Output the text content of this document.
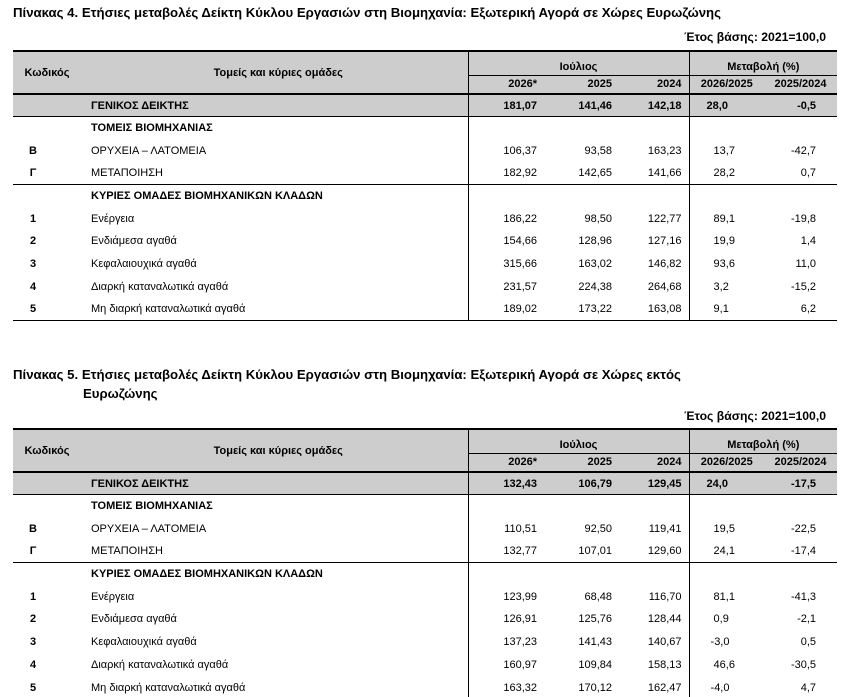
Πίνακας 4. Ετήσιες μεταβολές Δείκτη Κύκλου Εργασιών στη Βιομηχανία: Εξωτερική Αγορά σε Χώρες Ευρωζώνης
Έτος βάσης: 2021=100,0
Κωδικός	Τομείς και κύριες ομάδες	Ιούλιος			Μεταβολή (%)	
		2026*	2025	2024	2026/2025	2025/2024
	ΓΕΝΙΚΟΣ ΔΕΙΚΤΗΣ	181,07	141,46	142,18	28,0	-0,5
	ΤΟΜΕΙΣ ΒΙΟΜΗΧΑΝΙΑΣ					
Β	ΟΡΥΧΕΙΑ – ΛΑΤΟΜΕΙΑ	106,37	93,58	163,23	13,7	-42,7
Γ	ΜΕΤΑΠΟΙΗΣΗ	182,92	142,65	141,66	28,2	0,7
	ΚΥΡΙΕΣ ΟΜΑΔΕΣ ΒΙΟΜΗΧΑΝΙΚΩΝ ΚΛΑΔΩΝ					
1	Ενέργεια	186,22	98,50	122,77	89,1	-19,8
2	Ενδιάμεσα αγαθά	154,66	128,96	127,16	19,9	1,4
3	Κεφαλαιουχικά αγαθά	315,66	163,02	146,82	93,6	11,0
4	Διαρκή καταναλωτικά αγαθά	231,57	224,38	264,68	3,2	-15,2
5	Μη διαρκή καταναλωτικά αγαθά	189,02	173,22	163,08	9,1	6,2
Πίνακας 5. Ετήσιες μεταβολές Δείκτη Κύκλου Εργασιών στη Βιομηχανία: Εξωτερική Αγορά σε Χώρες εκτός
Ευρωζώνης
Έτος βάσης: 2021=100,0
Κωδικός	Τομείς και κύριες ομάδες	Ιούλιος			Μεταβολή (%)	
		2026*	2025	2024	2026/2025	2025/2024
	ΓΕΝΙΚΟΣ ΔΕΙΚΤΗΣ	132,43	106,79	129,45	24,0	-17,5
	ΤΟΜΕΙΣ ΒΙΟΜΗΧΑΝΙΑΣ					
Β	ΟΡΥΧΕΙΑ – ΛΑΤΟΜΕΙΑ	110,51	92,50	119,41	19,5	-22,5
Γ	ΜΕΤΑΠΟΙΗΣΗ	132,77	107,01	129,60	24,1	-17,4
	ΚΥΡΙΕΣ ΟΜΑΔΕΣ ΒΙΟΜΗΧΑΝΙΚΩΝ ΚΛΑΔΩΝ					
1	Ενέργεια	123,99	68,48	116,70	81,1	-41,3
2	Ενδιάμεσα αγαθά	126,91	125,76	128,44	0,9	-2,1
3	Κεφαλαιουχικά αγαθά	137,23	141,43	140,67	-3,0	0,5
4	Διαρκή καταναλωτικά αγαθά	160,97	109,84	158,13	46,6	-30,5
5	Μη διαρκή καταναλωτικά αγαθά	163,32	170,12	162,47	-4,0	4,7
